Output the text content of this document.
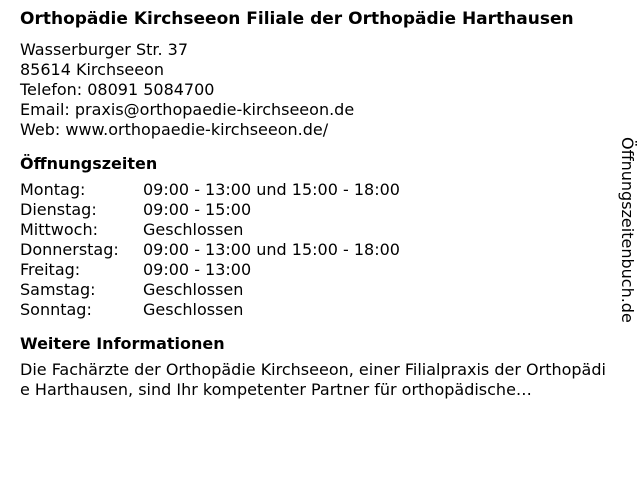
Orthopädie Kirchseeon Filiale der Orthopädie Harthausen
Wasserburger Str. 37
85614 Kirchseeon
Telefon: 08091 5084700
Email: praxis@orthopaedie-kirchseeon.de
Web: www.orthopaedie-kirchseeon.de/
Öffnungszeiten
Montag:	09:00 - 13:00 und 15:00 - 18:00
Dienstag:	09:00 - 15:00
Mittwoch:	Geschlossen
Donnerstag:	09:00 - 13:00 und 15:00 - 18:00
Freitag:	09:00 - 13:00
Samstag:	Geschlossen
Sonntag:	Geschlossen
Weitere Informationen
Die Fachärzte der Orthopädie Kirchseeon, einer Filialpraxis der Orthopädie Harthausen, sind Ihr kompetenter Partner für orthopädische…
Öffnungszeitenbuch.de
